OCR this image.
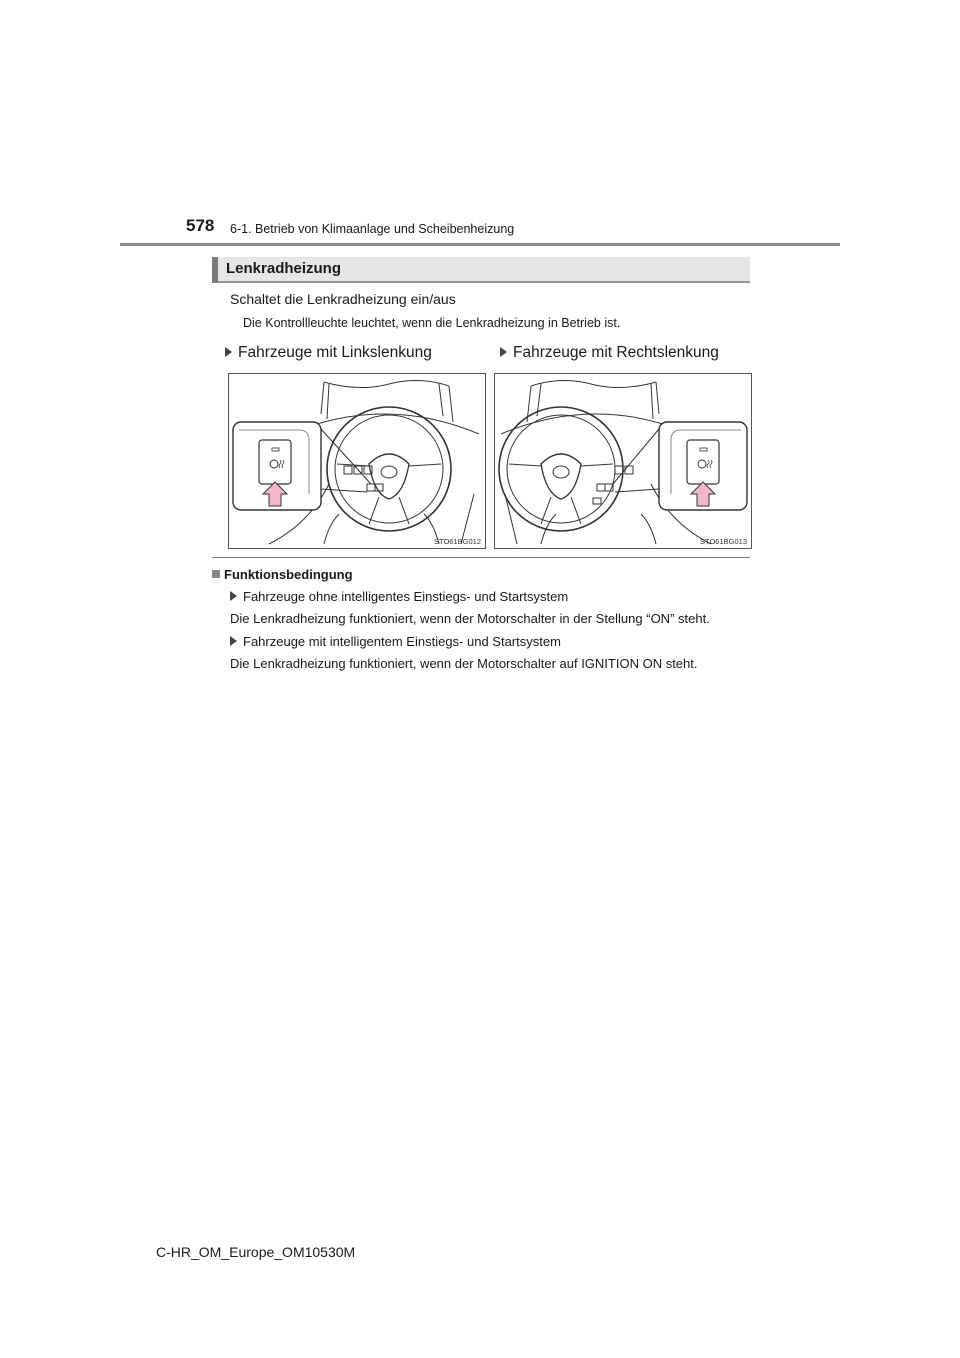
578 6-1. Betrieb von Klimaanlage und Scheibenheizung
Lenkradheizung
Schaltet die Lenkradheizung ein/aus
Die Kontrollleuchte leuchtet, wenn die Lenkradheizung in Betrieb ist.
Fahrzeuge mit Linkslenkung	Fahrzeuge mit Rechtslenkung
STO61BG012	STO61BG013
Funktionsbedingung
Fahrzeuge ohne intelligentes Einstiegs- und Startsystem
Die Lenkradheizung funktioniert, wenn der Motorschalter in der Stellung “ON” steht.
Fahrzeuge mit intelligentem Einstiegs- und Startsystem
Die Lenkradheizung funktioniert, wenn der Motorschalter auf IGNITION ON steht.
C-HR_OM_Europe_OM10530M
